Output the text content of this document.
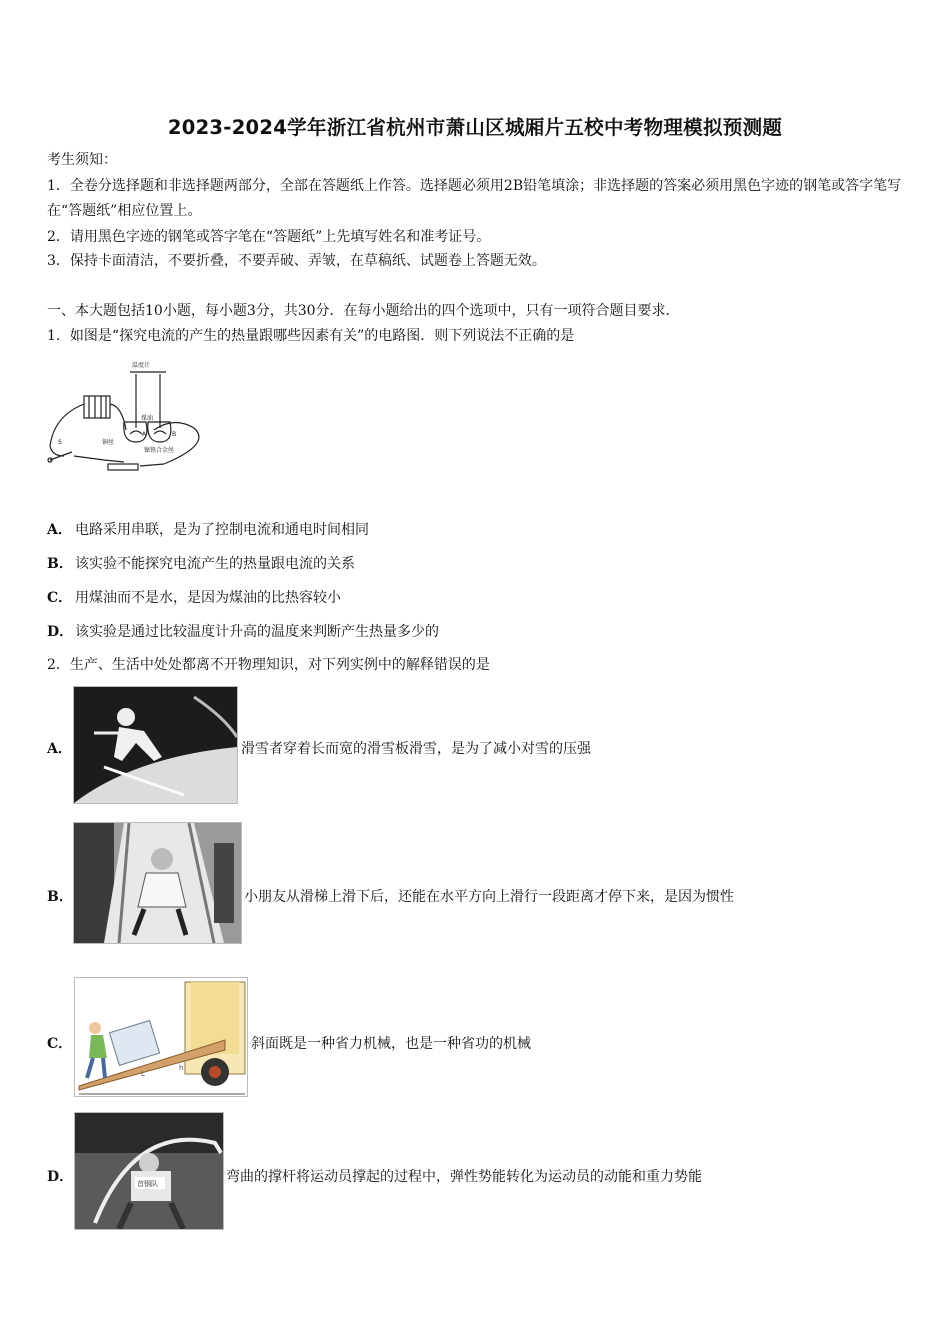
2023-2024学年浙江省杭州市萧山区城厢片五校中考物理模拟预测题
考生须知：
1．全卷分选择题和非选择题两部分，全部在答题纸上作答。选择题必须用2B铅笔填涂；非选择题的答案必须用黑色字迹的钢笔或答字笔写在“答题纸”相应位置上。
2．请用黑色字迹的钢笔或答字笔在“答题纸”上先填写姓名和准考证号。
3．保持卡面清洁，不要折叠，不要弄破、弄皱，在草稿纸、试题卷上答题无效。
一、本大题包括10小题，每小题3分，共30分．在每小题给出的四个选项中，只有一项符合题目要求．
1．如图是“探究电流的产生的热量跟哪些因素有关”的电路图．则下列说法不正确的是
温度计
煤油
铜丝
镍铬合金丝
A	B
S
A． 电路采用串联，是为了控制电流和通电时间相同
B． 该实验不能探究电流产生的热量跟电流的关系
C． 用煤油而不是水，是因为煤油的比热容较小
D． 该实验是通过比较温度计升高的温度来判断产生热量多少的
2．生产、生活中处处都离不开物理知识，对下列实例中的解释错误的是
A．	滑雪者穿着长而宽的滑雪板滑雪，是为了减小对雪的压强
B．	小朋友从滑梯上滑下后，还能在水平方向上滑行一段距离才停下来，是因为惯性
C．
L
h
斜面既是一种省力机械，也是一种省功的机械
D．	首钢队	弯曲的撑杆将运动员撑起的过程中，弹性势能转化为运动员的动能和重力势能
